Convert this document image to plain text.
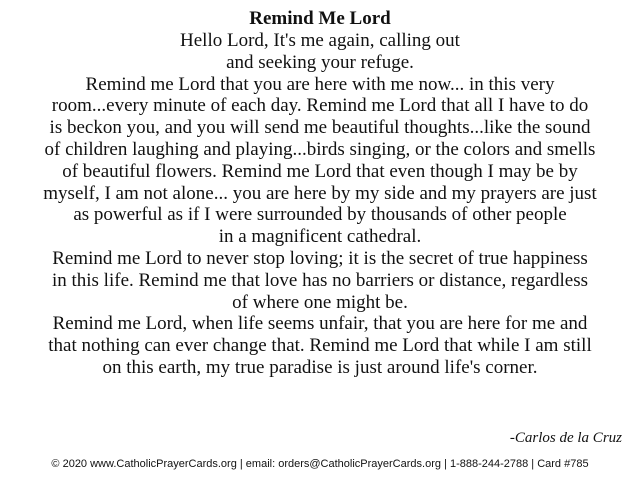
Remind Me Lord

Hello Lord, It's me again, calling out

and seeking your refuge.

Remind me Lord that you are here with me now... in this very

room...every minute of each day. Remind me Lord that all I have to do

is beckon you, and you will send me beautiful thoughts...like the sound

of children laughing and playing...birds singing, or the colors and smells

of beautiful flowers. Remind me Lord that even though I may be by

myself, I am not alone... you are here by my side and my prayers are just

as powerful as if I were surrounded by thousands of other people

in a magnificent cathedral.

Remind me Lord to never stop loving; it is the secret of true happiness

in this life. Remind me that love has no barriers or distance, regardless

of where one might be.

Remind me Lord, when life seems unfair, that you are here for me and

that nothing can ever change that. Remind me Lord that while I am still

on this earth, my true paradise is just around life's corner.

-Carlos de la Cruz
© 2020 www.CatholicPrayerCards.org | email: orders@CatholicPrayerCards.org | 1-888-244-2788 | Card #785
